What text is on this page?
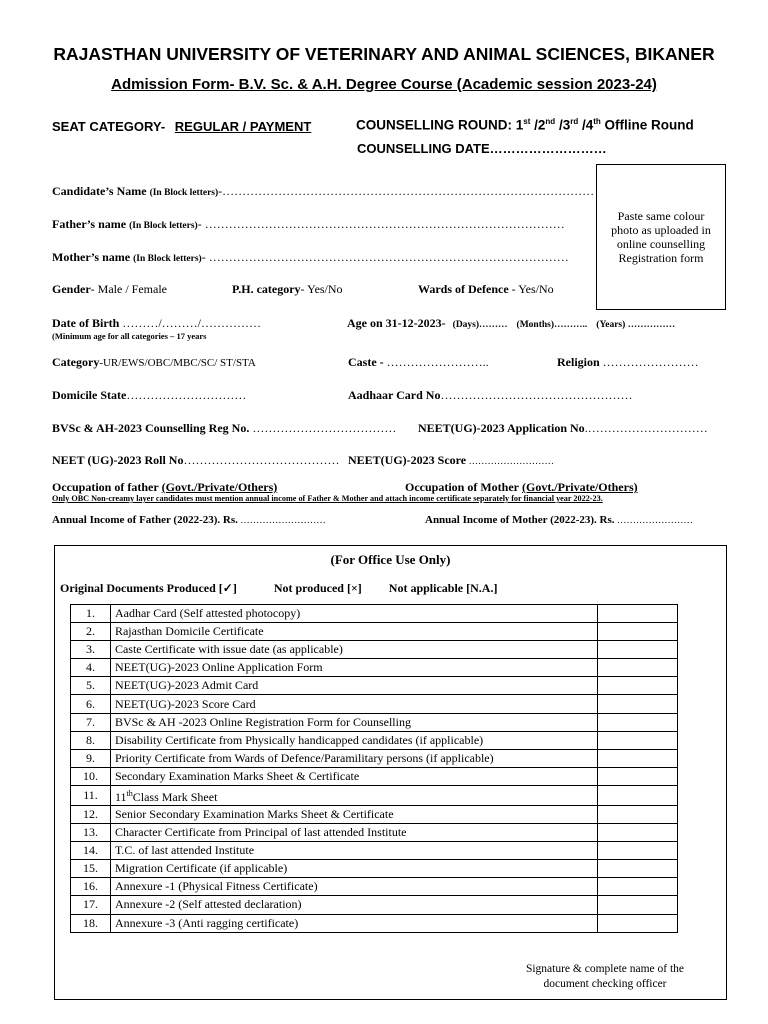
RAJASTHAN UNIVERSITY OF VETERINARY AND ANIMAL SCIENCES, BIKANER
Admission Form- B.V. Sc. & A.H. Degree Course (Academic session 2023-24)
SEAT CATEGORY- REGULAR / PAYMENT	COUNSELLING ROUND: 1st /2nd /3rd /4th Offline Round
COUNSELLING DATE………………………
Paste same colour photo as uploaded in online counselling Registration form
Candidate’s Name (In Block letters)-…………………………………………………………………………………
Father’s name (In Block letters)- ………………………………………………………………………………
Mother’s name (In Block letters)- ………………………………………………………………………………
Gender- Male / Female	P.H. category- Yes/No	Wards of Defence - Yes/No
Date of Birth ………/………/……………
(Minimum age for all categories – 17 years
Age on 31-12-2023- (Days)……… (Months)……….. (Years) ……………
Category-UR/EWS/OBC/MBC/SC/ ST/STA	Caste - ……………………..	Religion ……………………
Domicile State…………………………	Aadhaar Card No…………………………………………
BVSc & AH-2023 Counselling Reg No. ……………………………… NEET(UG)-2023 Application No.…………………………
NEET (UG)-2023 Roll No………………………………… NEET(UG)-2023 Score ………………………
Occupation of father (Govt./Private/Others)	Occupation of Mother (Govt./Private/Others)
Only OBC Non-creamy layer candidates must mention annual income of Father & Mother and attach income certificate separately for financial year 2022-23.
Annual Income of Father (2022-23). Rs. ………………………	Annual Income of Mother (2022-23). Rs. ……………………
(For Office Use Only)
Original Documents Produced [✓]	Not produced [×] Not applicable [N.A.]
1.	Aadhar Card (Self attested photocopy)	
2.	Rajasthan Domicile Certificate	
3.	Caste Certificate with issue date (as applicable)	
4.	NEET(UG)-2023 Online Application Form	
5.	NEET(UG)-2023 Admit Card	
6.	NEET(UG)-2023 Score Card	
7.	BVSc & AH -2023 Online Registration Form for Counselling	
8.	Disability Certificate from Physically handicapped candidates (if applicable)	
9.	Priority Certificate from Wards of Defence/Paramilitary persons (if applicable)	
10.	Secondary Examination Marks Sheet & Certificate	
11.	11thClass Mark Sheet	
12.	Senior Secondary Examination Marks Sheet & Certificate	
13.	Character Certificate from Principal of last attended Institute	
14.	T.C. of last attended Institute	
15.	Migration Certificate (if applicable)	
16.	Annexure -1 (Physical Fitness Certificate)	
17.	Annexure -2 (Self attested declaration)	
18.	Annexure -3 (Anti ragging certificate)	
Signature & complete name of the
document checking officer
